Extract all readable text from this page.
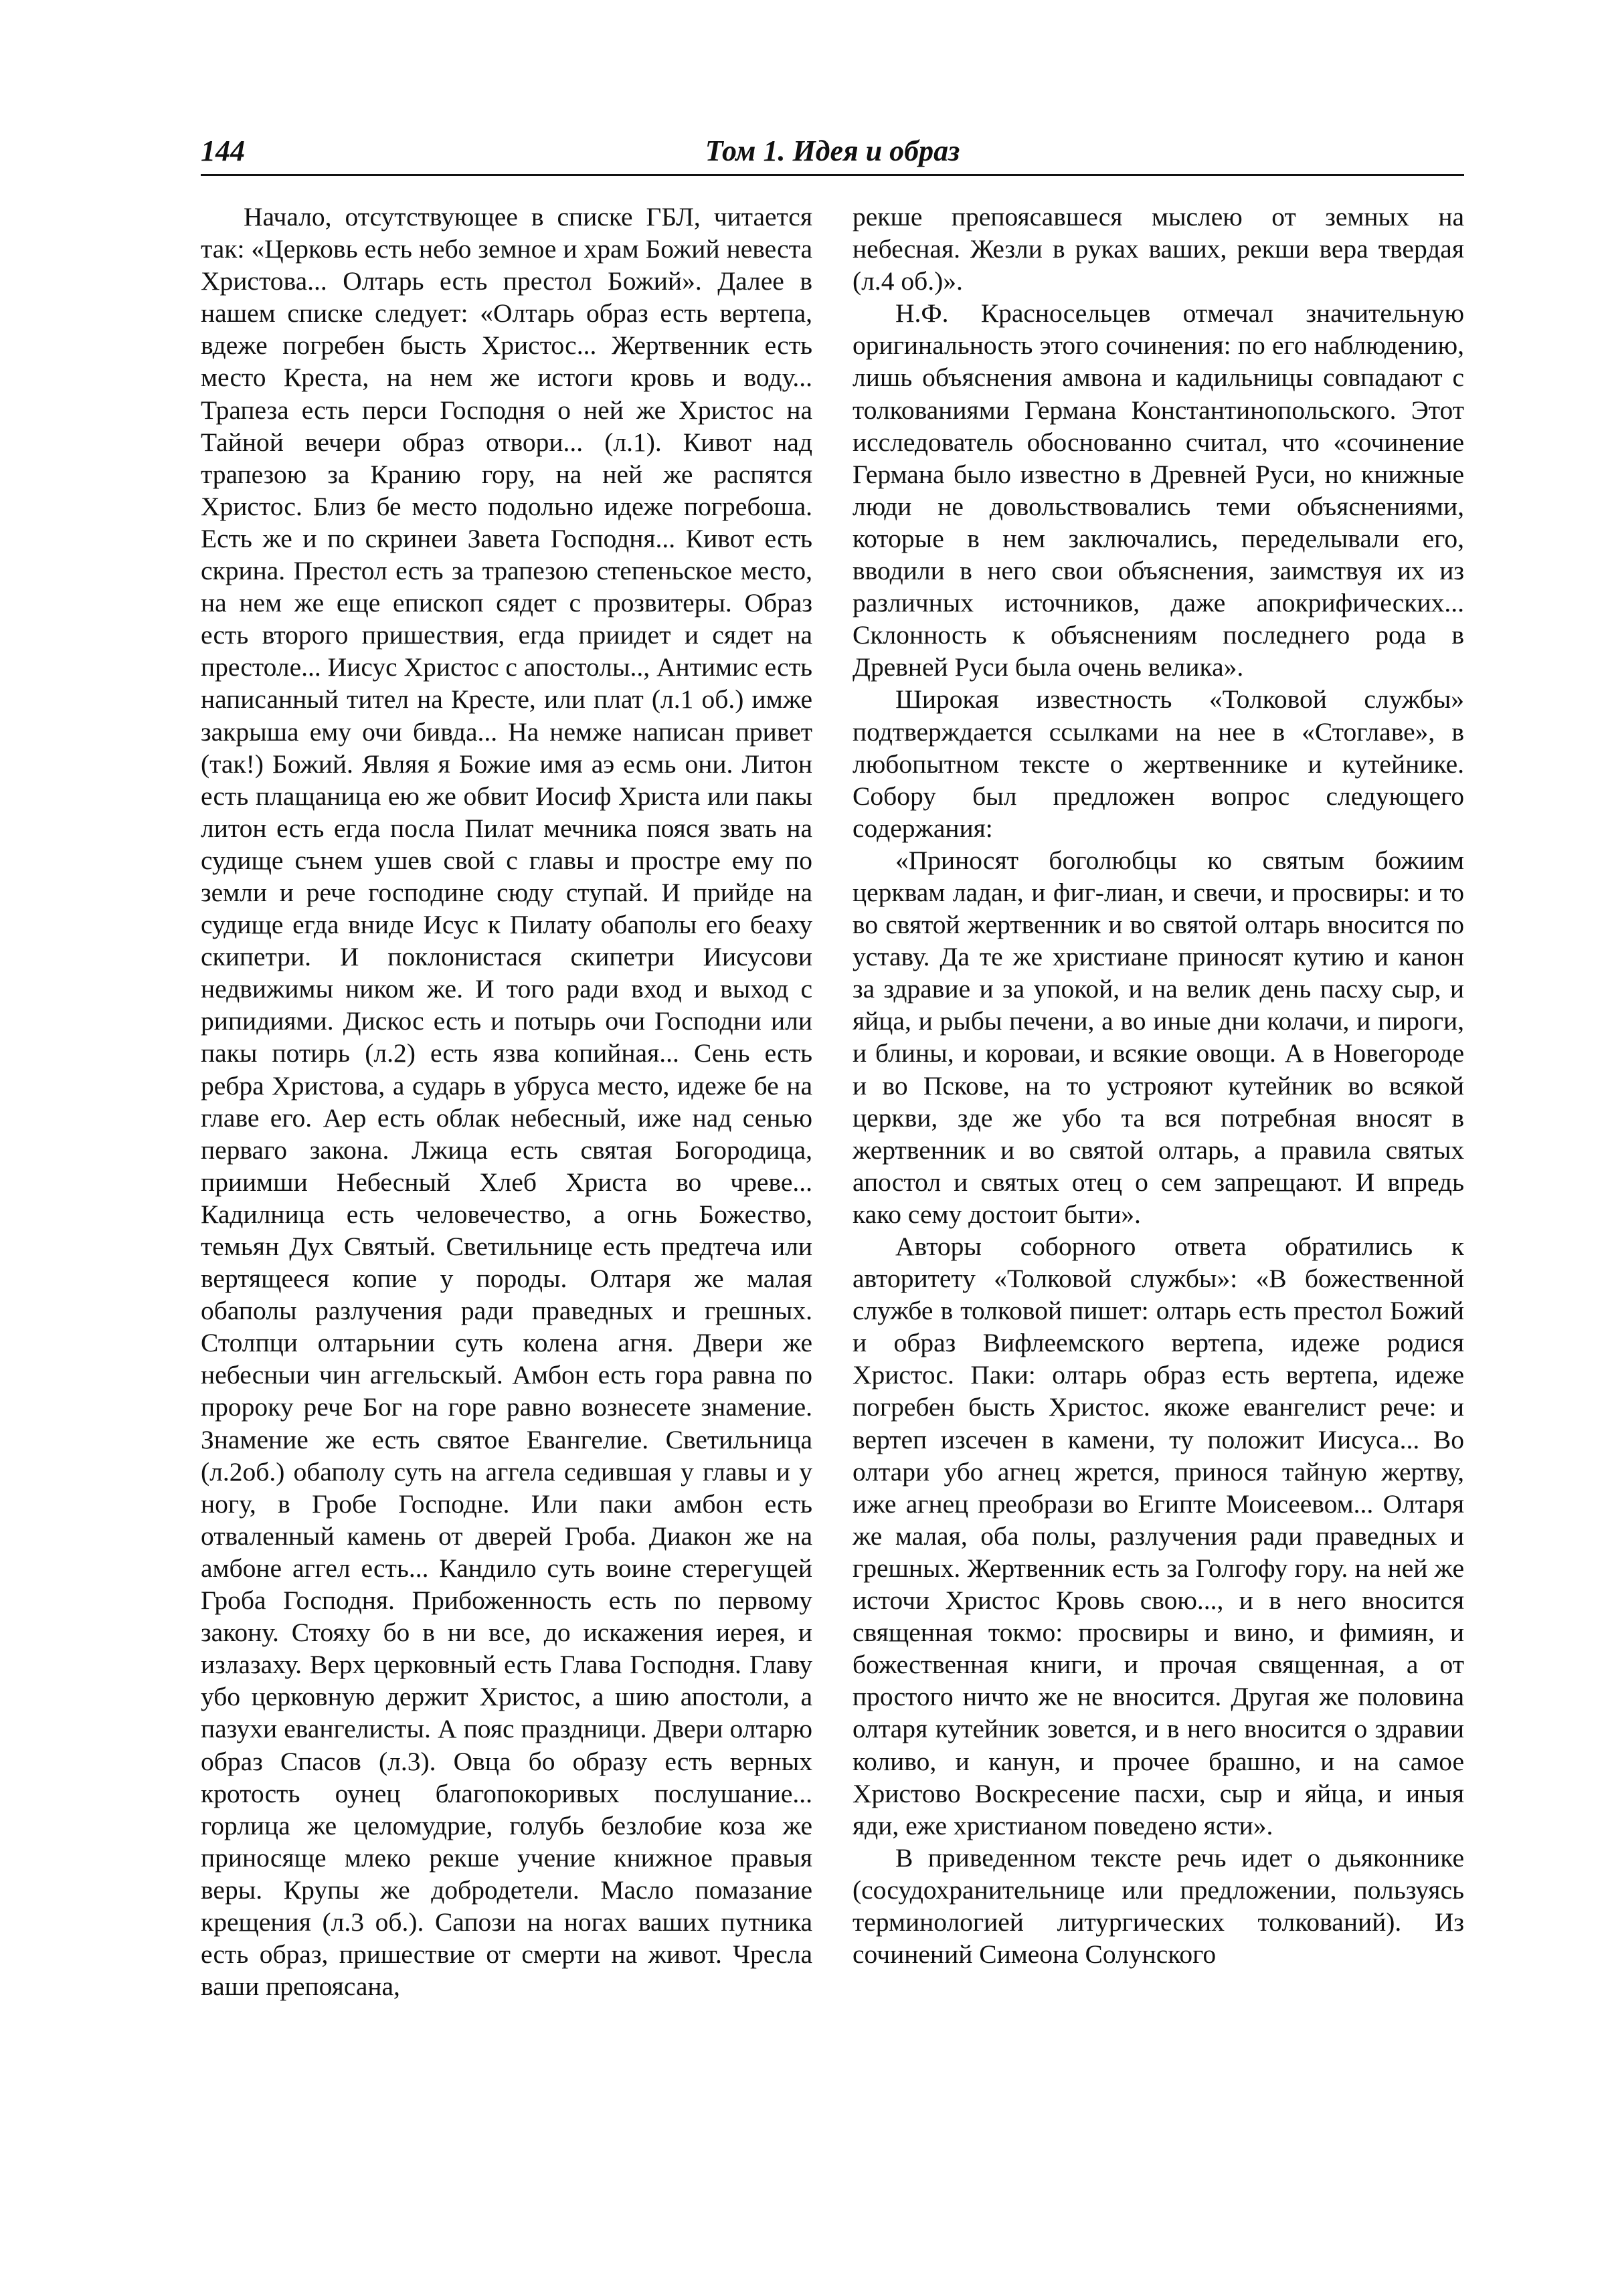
144	Том 1. Идея и образ

Начало, отсутствующее в списке ГБЛ, читается так: «Церковь есть небо земное и храм Божий невеста Христова... Олтарь есть престол Божий». Далее в нашем списке следует: «Олтарь образ есть вертепа, вдеже погребен бысть Христос... Жертвенник есть место Креста, на нем же истоги кровь и воду... Трапеза есть перси Господня о ней же Христос на Тайной вечери образ отвори... (л.1). Кивот над трапезою за Кранию гору, на ней же распятся Христос. Близ бе место подольно идеже погребоша. Есть же и по скринеи Завета Господня... Кивот есть скрина. Престол есть за трапезою степеньское место, на нем же еще епископ сядет с прозвитеры. Образ есть второго пришествия, егда приидет и сядет на престоле... Иисус Христос с апостолы.., Антимис есть написанный тител на Кресте, или плат (л.1 об.) имже закрыша ему очи бивда... На немже написан привет (так!) Божий. Являя я Божие имя аэ есмь они. Литон есть плащаница ею же обвит Иосиф Христа или пакы литон есть егда посла Пилат мечника пояся звать на судище сънем ушев свой с главы и простре ему по земли и рече господине сюду ступай. И прийде на судище егда вниде Исус к Пилату обаполы его беаху скипетри. И поклонистася скипетри Иисусови недвижимы ником же. И того ради вход и выход с рипидиями. Дискос есть и потырь очи Господни или пакы потирь (л.2) есть язва копийная... Сень есть ребра Христова, а сударь в убруса место, идеже бе на главе его. Аер есть облак небесный, иже над сенью перваго закона. Лжица есть святая Богородица, приимши Небесный Хлеб Христа во чреве... Кадилница есть человечество, а огнь Божество, темьян Дух Святый. Светильнице есть предтеча или вертящееся копие у породы. Олтаря же малая обаполы разлучения ради праведных и грешных. Столпци олтарьнии суть колена агня. Двери же небесныи чин аггельскый. Амбон есть гора равна по пророку рече Бог на горе равно вознесете знамение. Знамение же есть святое Евангелие. Светильница (л.2об.) обаполу суть на аггела седившая у главы и у ногу, в Гробе Господне. Или паки амбон есть отваленный камень от дверей Гроба. Диакон же на амбоне аггел есть... Кандило суть воине стерегущей Гроба Господня. Прибоженность есть по первому закону. Стояху бо в ни все, до искажения иерея, и излазаху. Верх церковный есть Глава Господня. Главу убо церковную держит Христос, а шию апостоли, а пазухи евангелисты. А пояс праздници. Двери олтарю образ Спасов (л.3). Овца бо образу есть верных кротость оунец благопокоривых послушание... горлица же целомудрие, голубь безлобие коза же приносяще млеко рекше учение книжное правыя веры. Крупы же добродетели. Масло помазание крещения (л.3 об.). Сапози на ногах ваших путника есть образ, пришествие от смерти на живот. Чресла ваши препоясана,

рекше препоясавшеся мыслею от земных на небесная. Жезли в руках ваших, рекши вера твердая (л.4 об.)».

Н.Ф. Красносельцев отмечал значительную оригинальность этого сочинения: по его наблюдению, лишь объяснения амвона и кадильницы совпадают с толкованиями Германа Константинопольского. Этот исследователь обоснованно считал, что «сочинение Германа было известно в Древней Руси, но книжные люди не довольствовались теми объяснениями, которые в нем заключались, переделывали его, вводили в него свои объяснения, заимствуя их из различных источников, даже апокрифических... Склонность к объяснениям последнего рода в Древней Руси была очень велика».

Широкая известность «Толковой службы» подтверждается ссылками на нее в «Стоглаве», в любопытном тексте о жертвеннике и кутейнике. Собору был предложен вопрос следующего содержания:

«Приносят боголюбцы ко святым божиим церквам ладан, и фиг-лиан, и свечи, и просвиры: и то во святой жертвенник и во святой олтарь вносится по уставу. Да те же христиане приносят кутию и канон за здравие и за упокой, и на велик день пасху сыр, и яйца, и рыбы печени, а во иные дни колачи, и пироги, и блины, и короваи, и всякие овощи. А в Новегороде и во Пскове, на то устрояют кутейник во всякой церкви, зде же убо та вся потребная вносят в жертвенник и во святой олтарь, а правила святых апостол и святых отец о сем запрещают. И впредь како сему достоит быти».

Авторы соборного ответа обратились к авторитету «Толковой службы»: «В божественной службе в толковой пишет: олтарь есть престол Божий и образ Вифлеемского вертепа, идеже родися Христос. Паки: олтарь образ есть вертепа, идеже погребен бысть Христос. якоже евангелист рече: и вертеп изсечен в камени, ту положит Иисуса... Во олтари убо агнец жрется, принося тайную жертву, иже агнец преобрази во Египте Моисеевом... Олтаря же малая, оба полы, разлучения ради праведных и грешных. Жертвенник есть за Голгофу гору. на ней же источи Христос Кровь свою..., и в него вносится священная токмо: просвиры и вино, и фимиян, и божественная книги, и прочая священная, а от простого ничто же не вносится. Другая же половина олтаря кутейник зовется, и в него вносится о здравии коливо, и канун, и прочее брашно, и на самое Христово Воскресение пасхи, сыр и яйца, и иныя яди, еже христианом поведено ясти».

В приведенном тексте речь идет о дьяконнике (сосудохранительнице или предложении, пользуясь терминологией литургических толкований). Из сочинений Симеона Солунского
